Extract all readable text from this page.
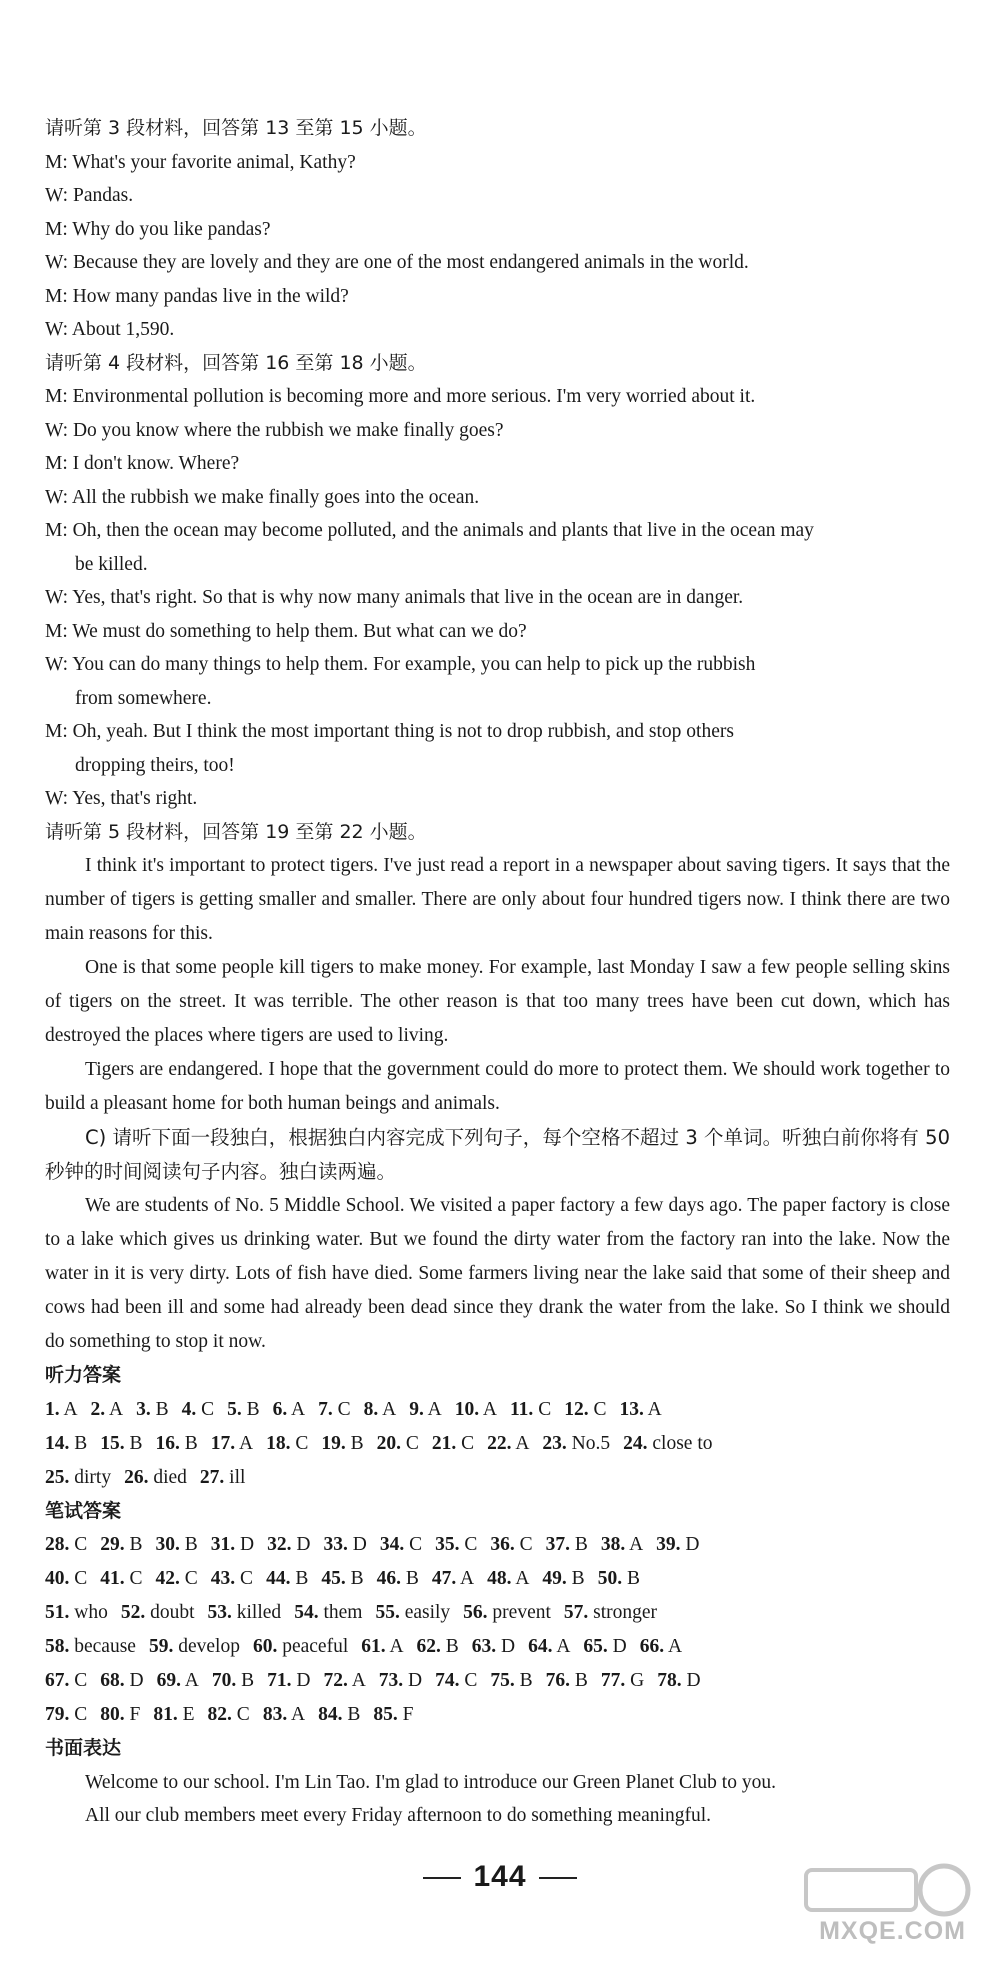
请听第 3 段材料，回答第 13 至第 15 小题。
M: What's your favorite animal, Kathy?
W: Pandas.
M: Why do you like pandas?
W: Because they are lovely and they are one of the most endangered animals in the world.
M: How many pandas live in the wild?
W: About 1,590.
请听第 4 段材料，回答第 16 至第 18 小题。
M: Environmental pollution is becoming more and more serious. I'm very worried about it.
W: Do you know where the rubbish we make finally goes?
M: I don't know. Where?
W: All the rubbish we make finally goes into the ocean.
M: Oh, then the ocean may become polluted, and the animals and plants that live in the ocean may
be killed.
W: Yes, that's right. So that is why now many animals that live in the ocean are in danger.
M: We must do something to help them. But what can we do?
W: You can do many things to help them. For example, you can help to pick up the rubbish
from somewhere.
M: Oh, yeah. But I think the most important thing is not to drop rubbish, and stop others
dropping theirs, too!
W: Yes, that's right.
请听第 5 段材料，回答第 19 至第 22 小题。
I think it's important to protect tigers. I've just read a report in a newspaper about saving tigers. It says that the number of tigers is getting smaller and smaller. There are only about four hundred tigers now. I think there are two main reasons for this.
One is that some people kill tigers to make money. For example, last Monday I saw a few people selling skins of tigers on the street. It was terrible. The other reason is that too many trees have been cut down, which has destroyed the places where tigers are used to living.
Tigers are endangered. I hope that the government could do more to protect them. We should work together to build a pleasant home for both human beings and animals.
C) 请听下面一段独白，根据独白内容完成下列句子，每个空格不超过 3 个单词。听独白前你将有 50 秒钟的时间阅读句子内容。独白读两遍。
We are students of No. 5 Middle School. We visited a paper factory a few days ago. The paper factory is close to a lake which gives us drinking water. But we found the dirty water from the factory ran into the lake. Now the water in it is very dirty. Lots of fish have died. Some farmers living near the lake said that some of their sheep and cows had been ill and some had already been dead since they drank the water from the lake. So I think we should do something to stop it now.
听力答案
1. A 2. A 3. B 4. C 5. B 6. A 7. C 8. A 9. A 10. A 11. C 12. C 13. A
14. B 15. B 16. B 17. A 18. C 19. B 20. C 21. C 22. A 23. No.5 24. close to
25. dirty 26. died 27. ill
笔试答案
28. C 29. B 30. B 31. D 32. D 33. D 34. C 35. C 36. C 37. B 38. A 39. D
40. C 41. C 42. C 43. C 44. B 45. B 46. B 47. A 48. A 49. B 50. B
51. who 52. doubt 53. killed 54. them 55. easily 56. prevent 57. stronger
58. because 59. develop 60. peaceful 61. A 62. B 63. D 64. A 65. D 66. A
67. C 68. D 69. A 70. B 71. D 72. A 73. D 74. C 75. B 76. B 77. G 78. D
79. C 80. F 81. E 82. C 83. A 84. B 85. F
书面表达
Welcome to our school. I'm Lin Tao. I'm glad to introduce our Green Planet Club to you.
All our club members meet every Friday afternoon to do something meaningful.
144
MXQE.COM
